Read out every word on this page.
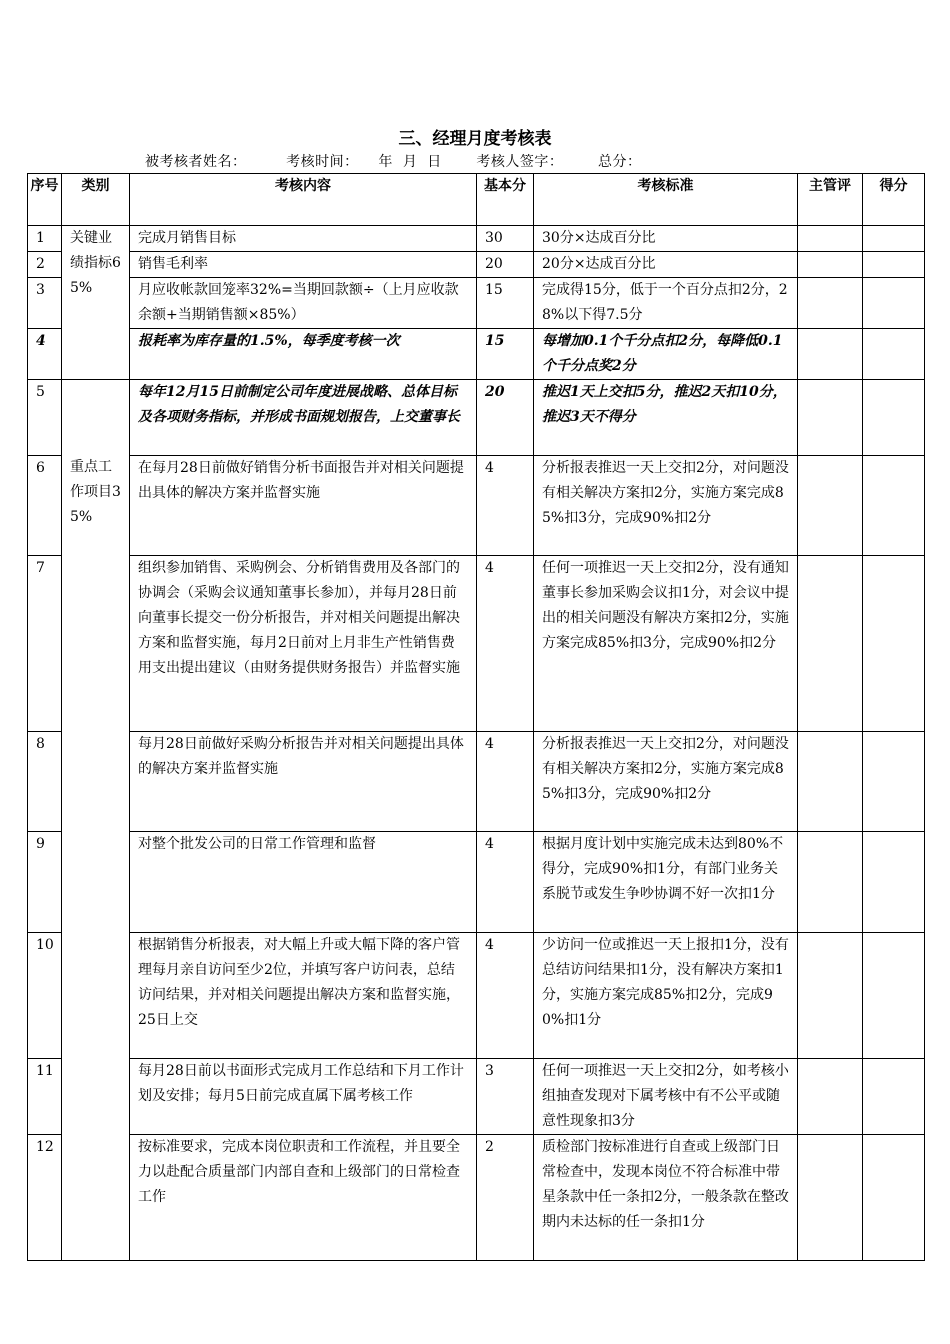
三、经理月度考核表
被考核者姓名：	考核时间： 年  月  日 考核人签字： 总分：
序号	类别	考核内容	基本分	考核标准	主管评	得分
1	关键业绩指标65%	完成月销售目标	30	30分×达成百分比		
2		销售毛利率	20	20分×达成百分比		
3		月应收帐款回笼率32%=当期回款额÷（上月应收款余额+当期销售额×85%）	15	完成得15分，低于一个百分点扣2分，28%以下得7.5分		
4		报耗率为库存量的1.5%，每季度考核一次	15	每增加0.1个千分点扣2分，每降低0.1个千分点奖2分		
5	重点工作项目35%	每年12月15日前制定公司年度进展战略、总体目标及各项财务指标，并形成书面规划报告，上交董事长	20	推迟1天上交扣5分，推迟2天扣10分，推迟3天不得分		
6		在每月28日前做好销售分析书面报告并对相关问题提出具体的解决方案并监督实施	4	分析报表推迟一天上交扣2分，对问题没有相关解决方案扣2分，实施方案完成85%扣3分，完成90%扣2分		
7		组织参加销售、采购例会、分析销售费用及各部门的协调会（采购会议通知董事长参加），并每月28日前向董事长提交一份分析报告，并对相关问题提出解决方案和监督实施，每月2日前对上月非生产性销售费用支出提出建议（由财务提供财务报告）并监督实施	4	任何一项推迟一天上交扣2分，没有通知董事长参加采购会议扣1分，对会议中提出的相关问题没有解决方案扣2分，实施方案完成85%扣3分，完成90%扣2分		
8		每月28日前做好采购分析报告并对相关问题提出具体的解决方案并监督实施	4	分析报表推迟一天上交扣2分，对问题没有相关解决方案扣2分，实施方案完成85%扣3分，完成90%扣2分		
9		对整个批发公司的日常工作管理和监督	4	根据月度计划中实施完成未达到80%不得分，完成90%扣1分，有部门业务关系脱节或发生争吵协调不好一次扣1分		
10		根据销售分析报表，对大幅上升或大幅下降的客户管理每月亲自访问至少2位，并填写客户访问表，总结访问结果，并对相关问题提出解决方案和监督实施，25日上交	4	少访问一位或推迟一天上报扣1分，没有总结访问结果扣1分，没有解决方案扣1分，实施方案完成85%扣2分，完成90%扣1分		
11		每月28日前以书面形式完成月工作总结和下月工作计划及安排；每月5日前完成直属下属考核工作	3	任何一项推迟一天上交扣2分，如考核小组抽查发现对下属考核中有不公平或随意性现象扣3分		
12		按标准要求，完成本岗位职责和工作流程，并且要全力以赴配合质量部门内部自查和上级部门的日常检查工作	2	质检部门按标准进行自查或上级部门日常检查中，发现本岗位不符合标准中带星条款中任一条扣2分，一般条款在整改期内未达标的任一条扣1分		
